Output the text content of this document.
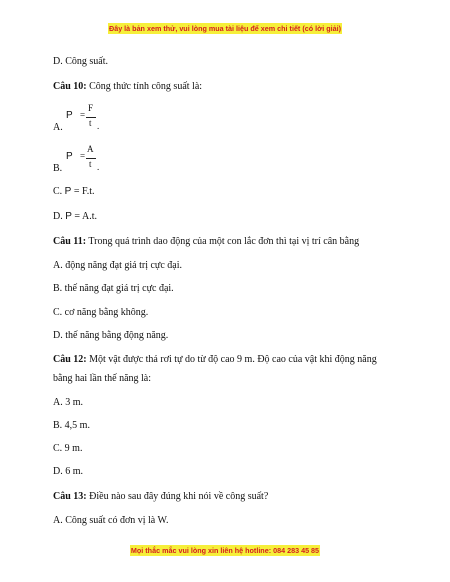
Đây là bản xem thử, vui lòng mua tài liệu để xem chi tiết (có lời giải)
D. Công suất.
Câu 10: Công thức tính công suất là:
A.
P =
F
t .
B.
P =
A
t .
C. P = F.t.
D. P = A.t.
Câu 11: Trong quá trình dao động của một con lắc đơn thì tại vị trí cân bằng
A. động năng đạt giá trị cực đại.
B. thế năng đạt giá trị cực đại.
C. cơ năng bằng không.
D. thế năng bằng động năng.
Câu 12: Một vật được thả rơi tự do từ độ cao 9 m. Độ cao của vật khi động năng
bằng hai lần thế năng là:
A. 3 m.
B. 4,5 m.
C. 9 m.
D. 6 m.
Câu 13: Điều nào sau đây đúng khi nói về công suất?
A. Công suất có đơn vị là W.
Mọi thắc mắc vui lòng xin liên hệ hotline: 084 283 45 85
